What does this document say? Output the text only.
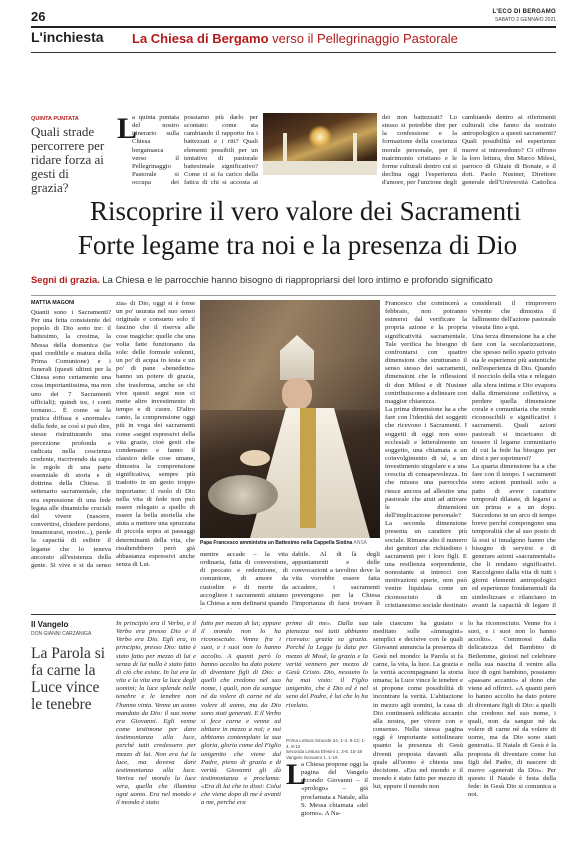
26	L'ECO DI BERGAMO
SABATO 2 GENNAIO 2021
L'inchiesta	La Chiesa di Bergamo verso il Pellegrinaggio Pastorale
QUINTA PUNTATA
Quali strade percorrere per ridare forza ai gesti di grazia?
L

a quinta puntata del nostro itinerario sulla Chiesa bergamasca verso il Pellegrinaggio Pastorale si occupa dei

possiamo più darlo per scontato: come sta cambiando il rapporto fra i battezzati e i riti? Quali elementi possibili per un tentativo di pastorale battesimale significativo? Come ci si fa carico della fatica di chi si accosta ai

dei non battezzati? Lo stesso si potrebbe dire per la confessione e la formazione della coscienza morale personale, per il matrimonio cristiano e le forme culturali dentro cui si declina oggi l'esperienza d'amore, per l'unzione degli

cambiando dentro ai riferimenti culturali che fanno da sostrato antropologico a questi sacramenti? Quali possibilità ed esperienze nuove si intravedono? Ci offrono la loro lettura, don Marco Milesi, parroco di Ghiaie di Bonate, e il dott. Paolo Nusiner, Direttore generale dell'Università Cattolica

Riscoprire il vero valore dei Sacramenti
Forte legame tra noi e la presenza di Dio
Segni di grazia. La Chiesa e le parrocchie hanno bisogno di riappropriarsi del loro intimo e profondo significato
MATTIA MAGONI

Quanti sono i Sacramenti? Per una fetta consistente del popolo di Dio sono tre: il battesimo, la cresima, la Messa della domenica (se quel credibile e matura della Prima Comunione) e i funerali (questi ultimi per la Chiesa sono certamente una cosa importantissima, ma non uno dei 7 Sacramenti ufficiali); quindi tre, i conti tornano... È come se la pratica diffusa e «normale» della fede, se così si può dire, stesse ristrutturando una percezione profonda e radicata nella coscienza credente, riscrivendo da capo le regole di una parte essenziale di storia e di dottrina della Chiesa. Il settenario sacramentale, che era espressione di una fede legata alle dinamiche cruciali del vivere (nascere, convertirsi, chiedere perdono, innamorarsi, morire...), perde la capacità di esibire il legame che lo teneva ancorato all'esistenza della gente. Si vive e si da senso

zia» di Dio, oggi si è forse un po' usurata nel suo senso originale e consueto solo il fascino che il riserva alle cose magiche: quelle che una volta fatte funzionano da sole: delle formule solenni, un po' di acqua in testa e un po' di pane «benedetto» hanno un potere di grazia, che trasforma, anche se chi vive questi segni non ci mette altro investimento di tempo e di cuore. D'altro canto, la comprensione oggi più in voga dei sacramenti come «segni espressivi della vita grazie, cioè gesti che condensano e fanno il classico delle cose umane, dimostra la comprensione significativa, sempre più tradotto in un gesto troppo importante: il ruolo di Dio nella vita di fede non può essere relegato a quello di essere la bella storiella che aiuta a mettere una spruzzata di piccola sopra ai passaggi determinanti della vita, che risulterebbero però già abbastanza espressivi anche senza di Lui.

Papa Francesco amministra un Battesimo nella Cappella Sistina ANSA

mentre accade – la vita ordinaria, fatta di conversione, di peccato e redenzione, di comunione, di amore da custodire e di morte da accogliere i sacramenti aiutano la Chiesa a non definarsi quando

dabile. Al di là degli appuntamenti e delle convocazioni a tavolino dove la vita vorrebbe essere fatta accadere, i sacramenti prevengono per la Chiesa l'importanza di farsi trovare lì

Francesco che comincerà a febbraio, non potranno esimersi dal verificare la propria azione e la propria significatività sacramentale. Tale verifica ha bisogno di confrontarsi con quattro dimensioni che strutturano il senso stesso dei sacramenti, dimensioni che le riflessioni di don Milesi e di Nusiner contribuiscono a delineare con maggior chiarezza.
La prima dimensione ha a che fare con l'identità dei soggetti che ricevono i Sacramenti. I soggetti di oggi non sono ecclesiali e letteralmente un soggetto, una chiamata a un coinvolgimento di sé, a un investimento singolare e a una crescita di consapevolezza. In che misura una parrocchia riesce ancora ad allestire una pastorale che aiuti ad attivare le dimensioni dell'implicazione personale?
La seconda dimensione presenta un carattere più sociale. Rimane alto il numero dei genitori che richiedono i sacramenti per i loro figli. E una resilienza sorprendente, nonostante si intrecci con motivazioni spurie, non può venire liquidata come un riconosciuto di un cristianesimo sociale destinato

considerati il rimprovero vivente che dimostra il fallimento dell'azione pastorale vissuta fino a qui.
Una terza dimensione ha a che fare con la secolarizzazione, che spesso nello spazio privato sia le esperienze più autentiche nell'esperienza di Dio. Quando il nocciolo della vita e relegato alla sfera intima e Dio evapora dalla dimensione collettiva, a perdere quella dimensione corale e comunitaria che rende riconoscibili e significativi i sacramenti. Quali azioni pastorali si incaricano di tessere il legame comunitario di cui la fede ha bisogno per dirsi e per esprimersi?
La quarta dimensione ha a che fare con il tempo. I sacramenti sono azioni puntuali solo a patto di avere carattere temporali dilatate, di legarsi a un prima e a un dopo. Succedono in un arco di tempo breve perché compongono una temporalità che al suo posto di là essi si innalgono hanno che bisogno di servirsi e di generare azioni «sacramentali» che li rendano significativi. Raccolgono dalla vita di tutti i giorni elementi antropologici ed esperienze fondamentali da simbolizzare e rilanciano in avanti la capacità di legare il

Il Vangelo
DON GIANNI CARZANIGA
La Parola si fa carne la Luce vince le tenebre

In principio era il Verbo, e il Verbo era presso Dio e il Verbo era Dio. Egli era, in principio, presso Dio: tutto è stato fatto per mezzo di lui e senza di lui nulla è stato fatto di ciò che esiste. In lui era la vita e la vita era la luce degli uomini; la luce splende nelle tenebre e le tenebre non l'hanno vinta. Venne un uomo mandato da Dio: il suo nome era Giovanni. Egli venne come testimone per dare testimonianza alla luce, perché tutti credessero per mezzo di lui. Non era lui la luce, ma doveva dare testimonianza alla luce. Veniva nel mondo la luce vera, quella che illumina ogni uomo. Era nel mondo e il mondo è stato

fatto per mezzo di lui; eppure il mondo non lo ha riconosciuto. Venne fra i suoi, e i suoi non lo hanno accolto. A quanti però lo hanno accolto ha dato potere di diventare figli di Dio: a quelli che credono nel suo nome, i quali, non da sangue né da volere di carne né da volere di uomo, ma da Dio sono stati generati. E il Verbo si fece carne e venne ad abitare in mezzo a noi; e noi abbiamo contemplato la sua gloria, gloria come del Figlio unigenito che viene dal Padre, pieno di grazia e di verità. Giovanni gli dà testimonianza e proclama: «Era di lui che io dissi: Colui che viene dopo di me è avanti a me, perché era

prima di me». Dalla sua pienezza noi tutti abbiamo ricevuto: grazia su grazia. Perché la Legge fu data per mezzo di Mosè, la grazia e la verità vennero per mezzo di Gesù Cristo. Dio, nessuno lo ha mai visto: il Figlio unigenito, che è Dio ed è nel seno del Padre, è lui che lo ha rivelato.

Prima Lettura Siracide 24, 1-4. 8-12; 1-4. 8-12
Seconda Lettura Efesini 1, 3-6. 15-18
Vangelo Giovanni 1, 1-18
L

a Chiesa propone oggi la pagina del Vangelo secondo Giovanni – il «prologo» – già proclamata a Natale, alla S. Messa chiamata «del giorno». A Na-

tale ciascuno ha gustato e meditato sulle «immagini» semplici e decisive con le quali Giovanni annuncia la presenza di Gesù nel mondo: la Parola si fa carne, la vita, la luce. La grazia e la verità accompagnano la storia umana; la Luce vince le tenebre e si propone come possibilità di incontrare la verità. L'abitazione in mezzo agli uomini, la casa di Dio continuerà edificata accanto alla nostra, per vivere con e consenso. Nella stessa pagina oggi è importante sottolineare quanto la presenza di Gesù diventi proposta davanti alla quale all'uomo è chiesta una decisione. «Era nel mondo e il mondo è stato fatto per mezzo di lui; eppure il mondo non

lo ha riconosciuto. Venne fra i suoi, e i suoi non lo hanno accolto». Commossi dalla delicatezza del Bambino di Betlemme, gioiosi nel celebrare nella sua nascita il venire alla luce di ogni bambino, possiamo «passare accanto» al dono che viene ad offrirci. «A quanti però lo hanno accolto ha dato potere di diventare figli di Dio: a quelli che credono nel suo nome, i quali, non da sangue né da volere di carne né da volere di uomo, ma da Dio sono stati generati». Il Natale di Gesù è la proposta di diventare come lui figli del Padre, di nascere di nuovo «generati da Dio». Per questo il Natale è festa della fede: in Gesù Dio si comunica a noi.
